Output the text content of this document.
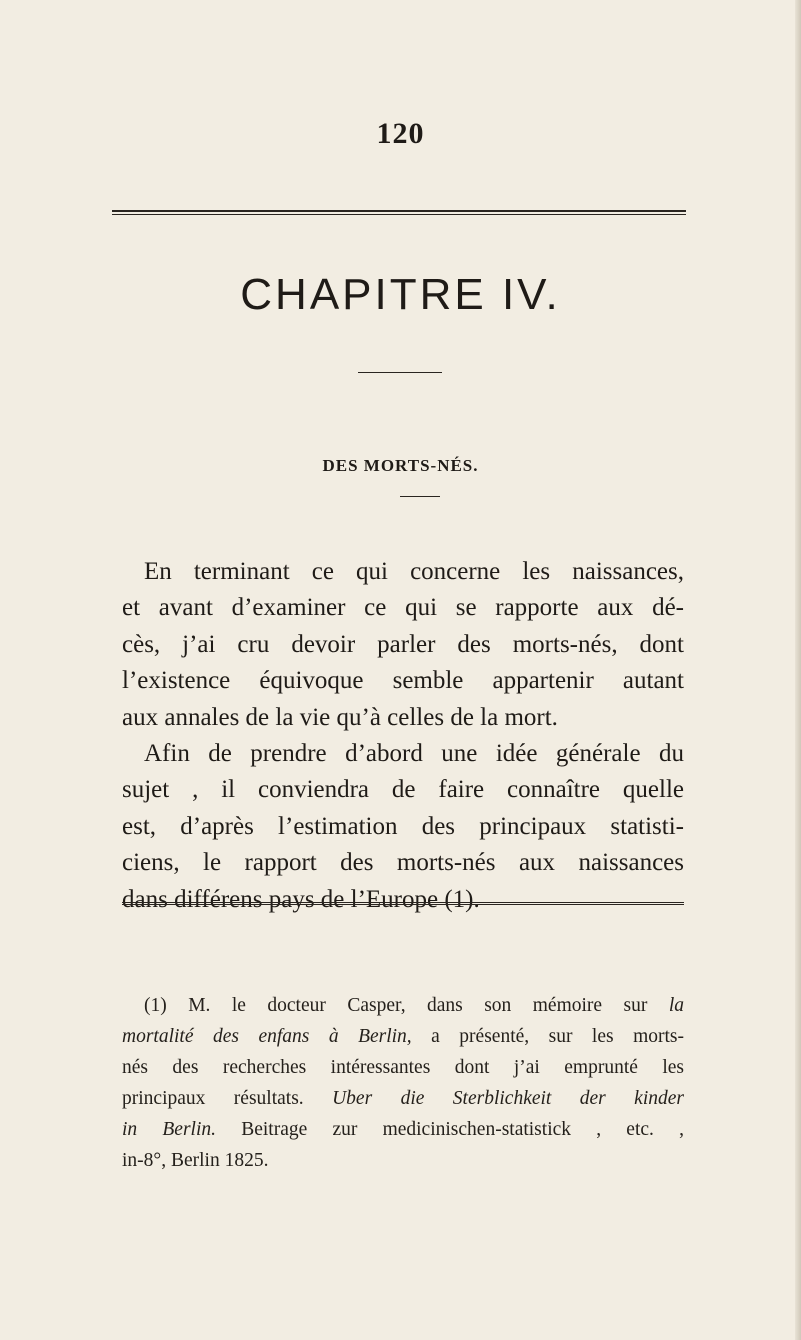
120
CHAPITRE IV.
DES MORTS-NÉS.
En terminant ce qui concerne les naissances,
et avant d’examiner ce qui se rapporte aux dé-
cès, j’ai cru devoir parler des morts-nés, dont
l’existence équivoque semble appartenir autant
aux annales de la vie qu’à celles de la mort.
Afin de prendre d’abord une idée générale du
sujet , il conviendra de faire connaître quelle
est, d’après l’estimation des principaux statisti-
ciens, le rapport des morts-nés aux naissances
dans différens pays de l’Europe (1).
(1) M. le docteur Casper, dans son mémoire sur la
mortalité des enfans à Berlin, a présenté, sur les morts-
nés des recherches intéressantes dont j’ai emprunté les
principaux résultats. Uber die Sterblichkeit der kinder
in Berlin. Beitrage zur medicinischen-statistick , etc. ,
in-8°, Berlin 1825.
